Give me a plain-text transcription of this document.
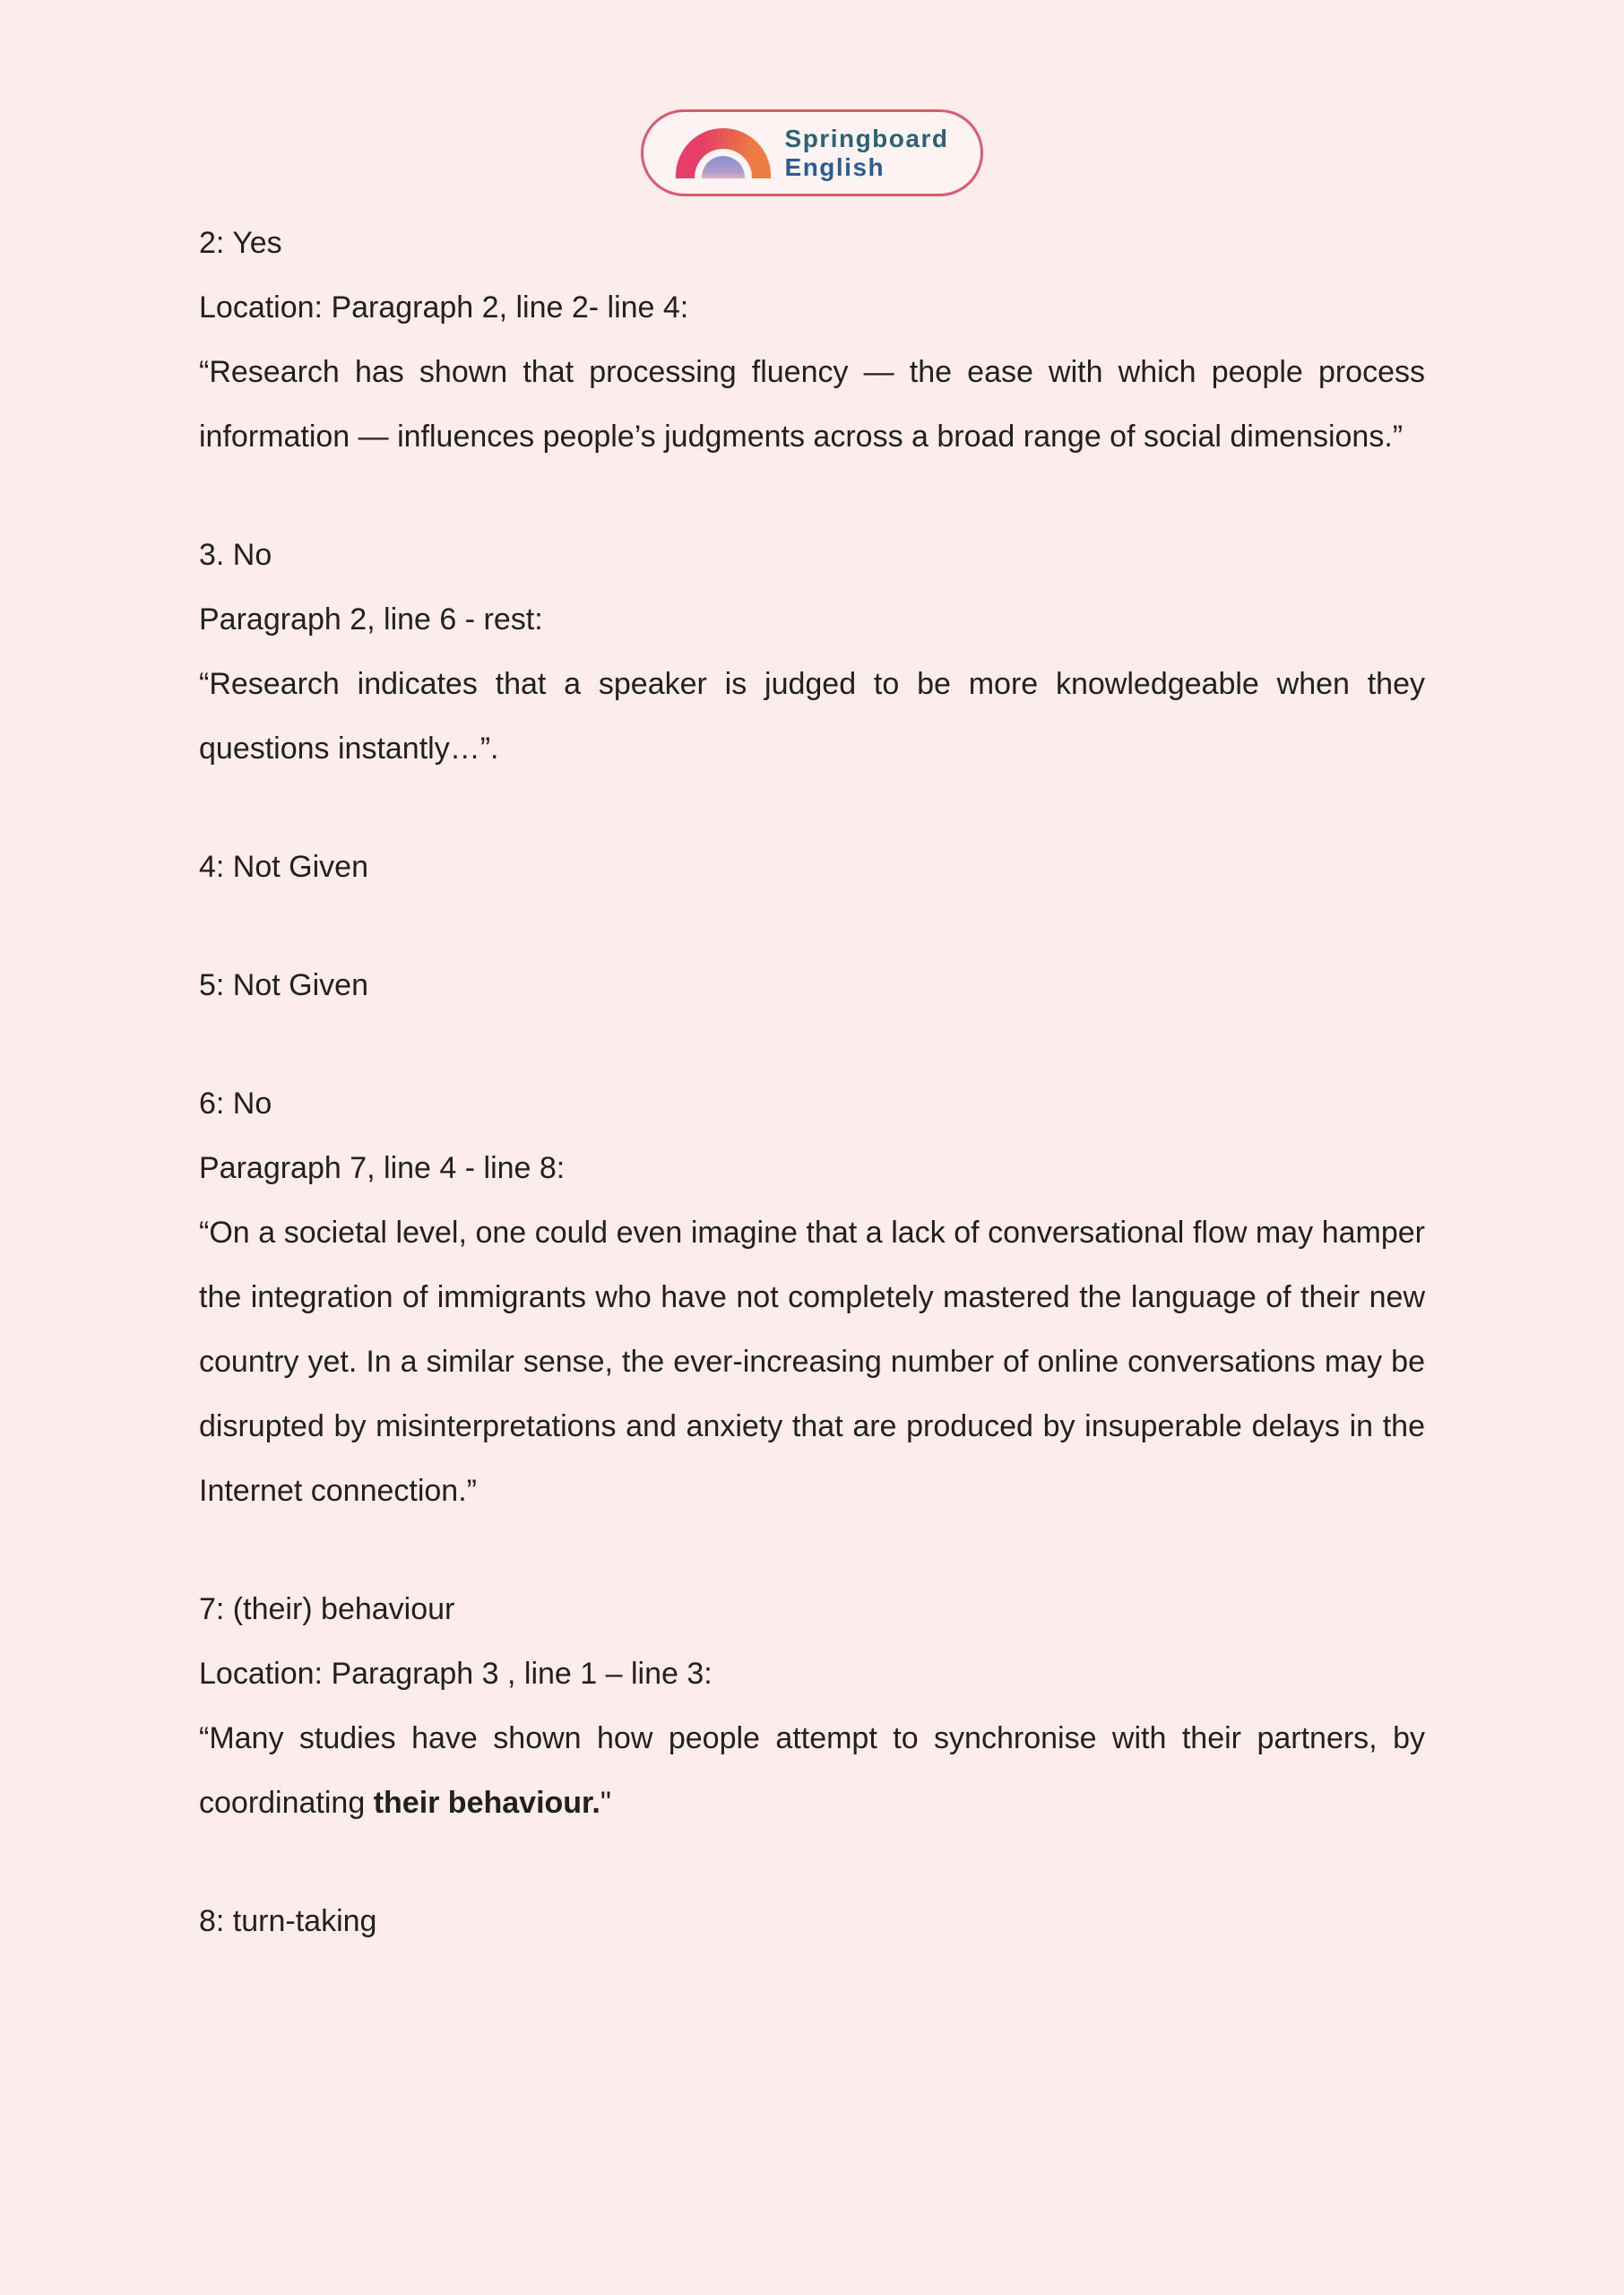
Springboard
English

2: Yes

Location: Paragraph 2, line 2- line 4:

“Research has shown that processing fluency — the ease with which people process information — influences people’s judgments across a broad range of social dimensions.”

3. No

Paragraph 2, line 6 - rest:

“Research indicates that a speaker is judged to be more knowledgeable when they questions instantly…”.

4: Not Given

5: Not Given

6: No

Paragraph 7, line 4 - line 8:

“On a societal level, one could even imagine that a lack of conversational flow may hamper the integration of immigrants who have not completely mastered the language of their new country yet. In a similar sense, the ever-increasing number of online conversations may be disrupted by misinterpretations and anxiety that are produced by insuperable delays in the Internet connection.”

7: (their) behaviour

Location: Paragraph 3 , line 1 – line 3:

“Many studies have shown how people attempt to synchronise with their partners, by coordinating their behaviour."

8: turn-taking
